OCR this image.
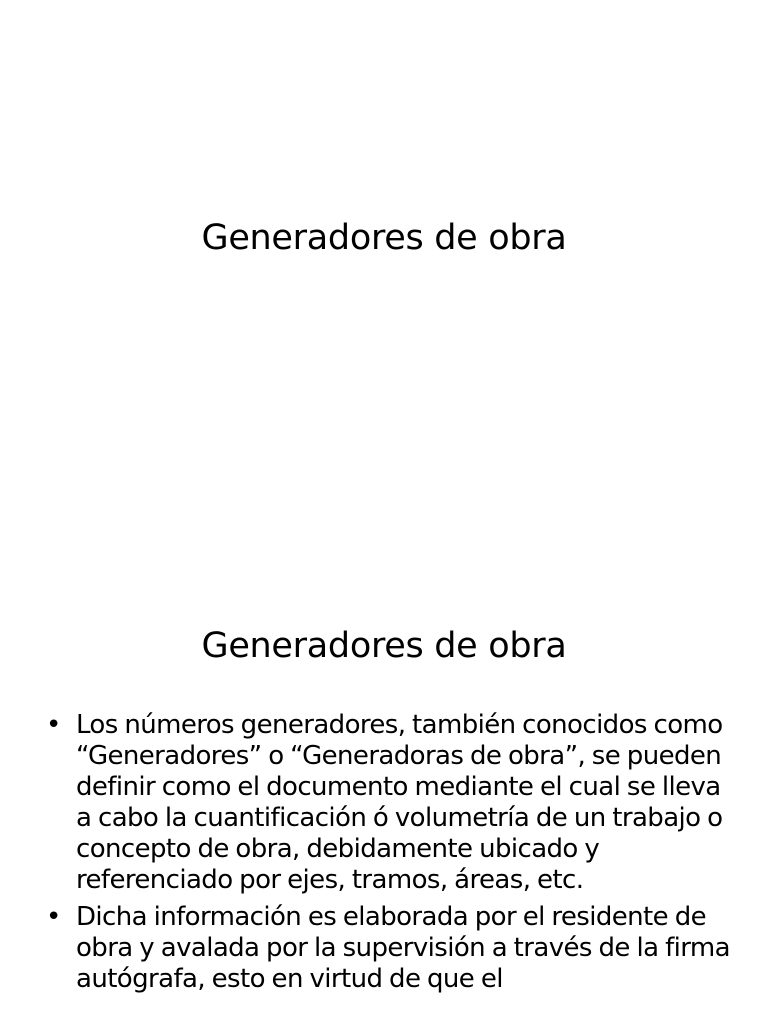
Generadores de obra
Generadores de obra
• Los números generadores, también conocidos como “Generadores” o “Generadoras de obra”, se pueden definir como el documento mediante el cual se lleva a cabo la cuantificación ó volumetría de un trabajo o concepto de obra, debidamente ubicado y referenciado por ejes, tramos, áreas, etc.
• Dicha información es elaborada por el residente de obra y avalada por la supervisión a través de la firma autógrafa, esto en virtud de que el
